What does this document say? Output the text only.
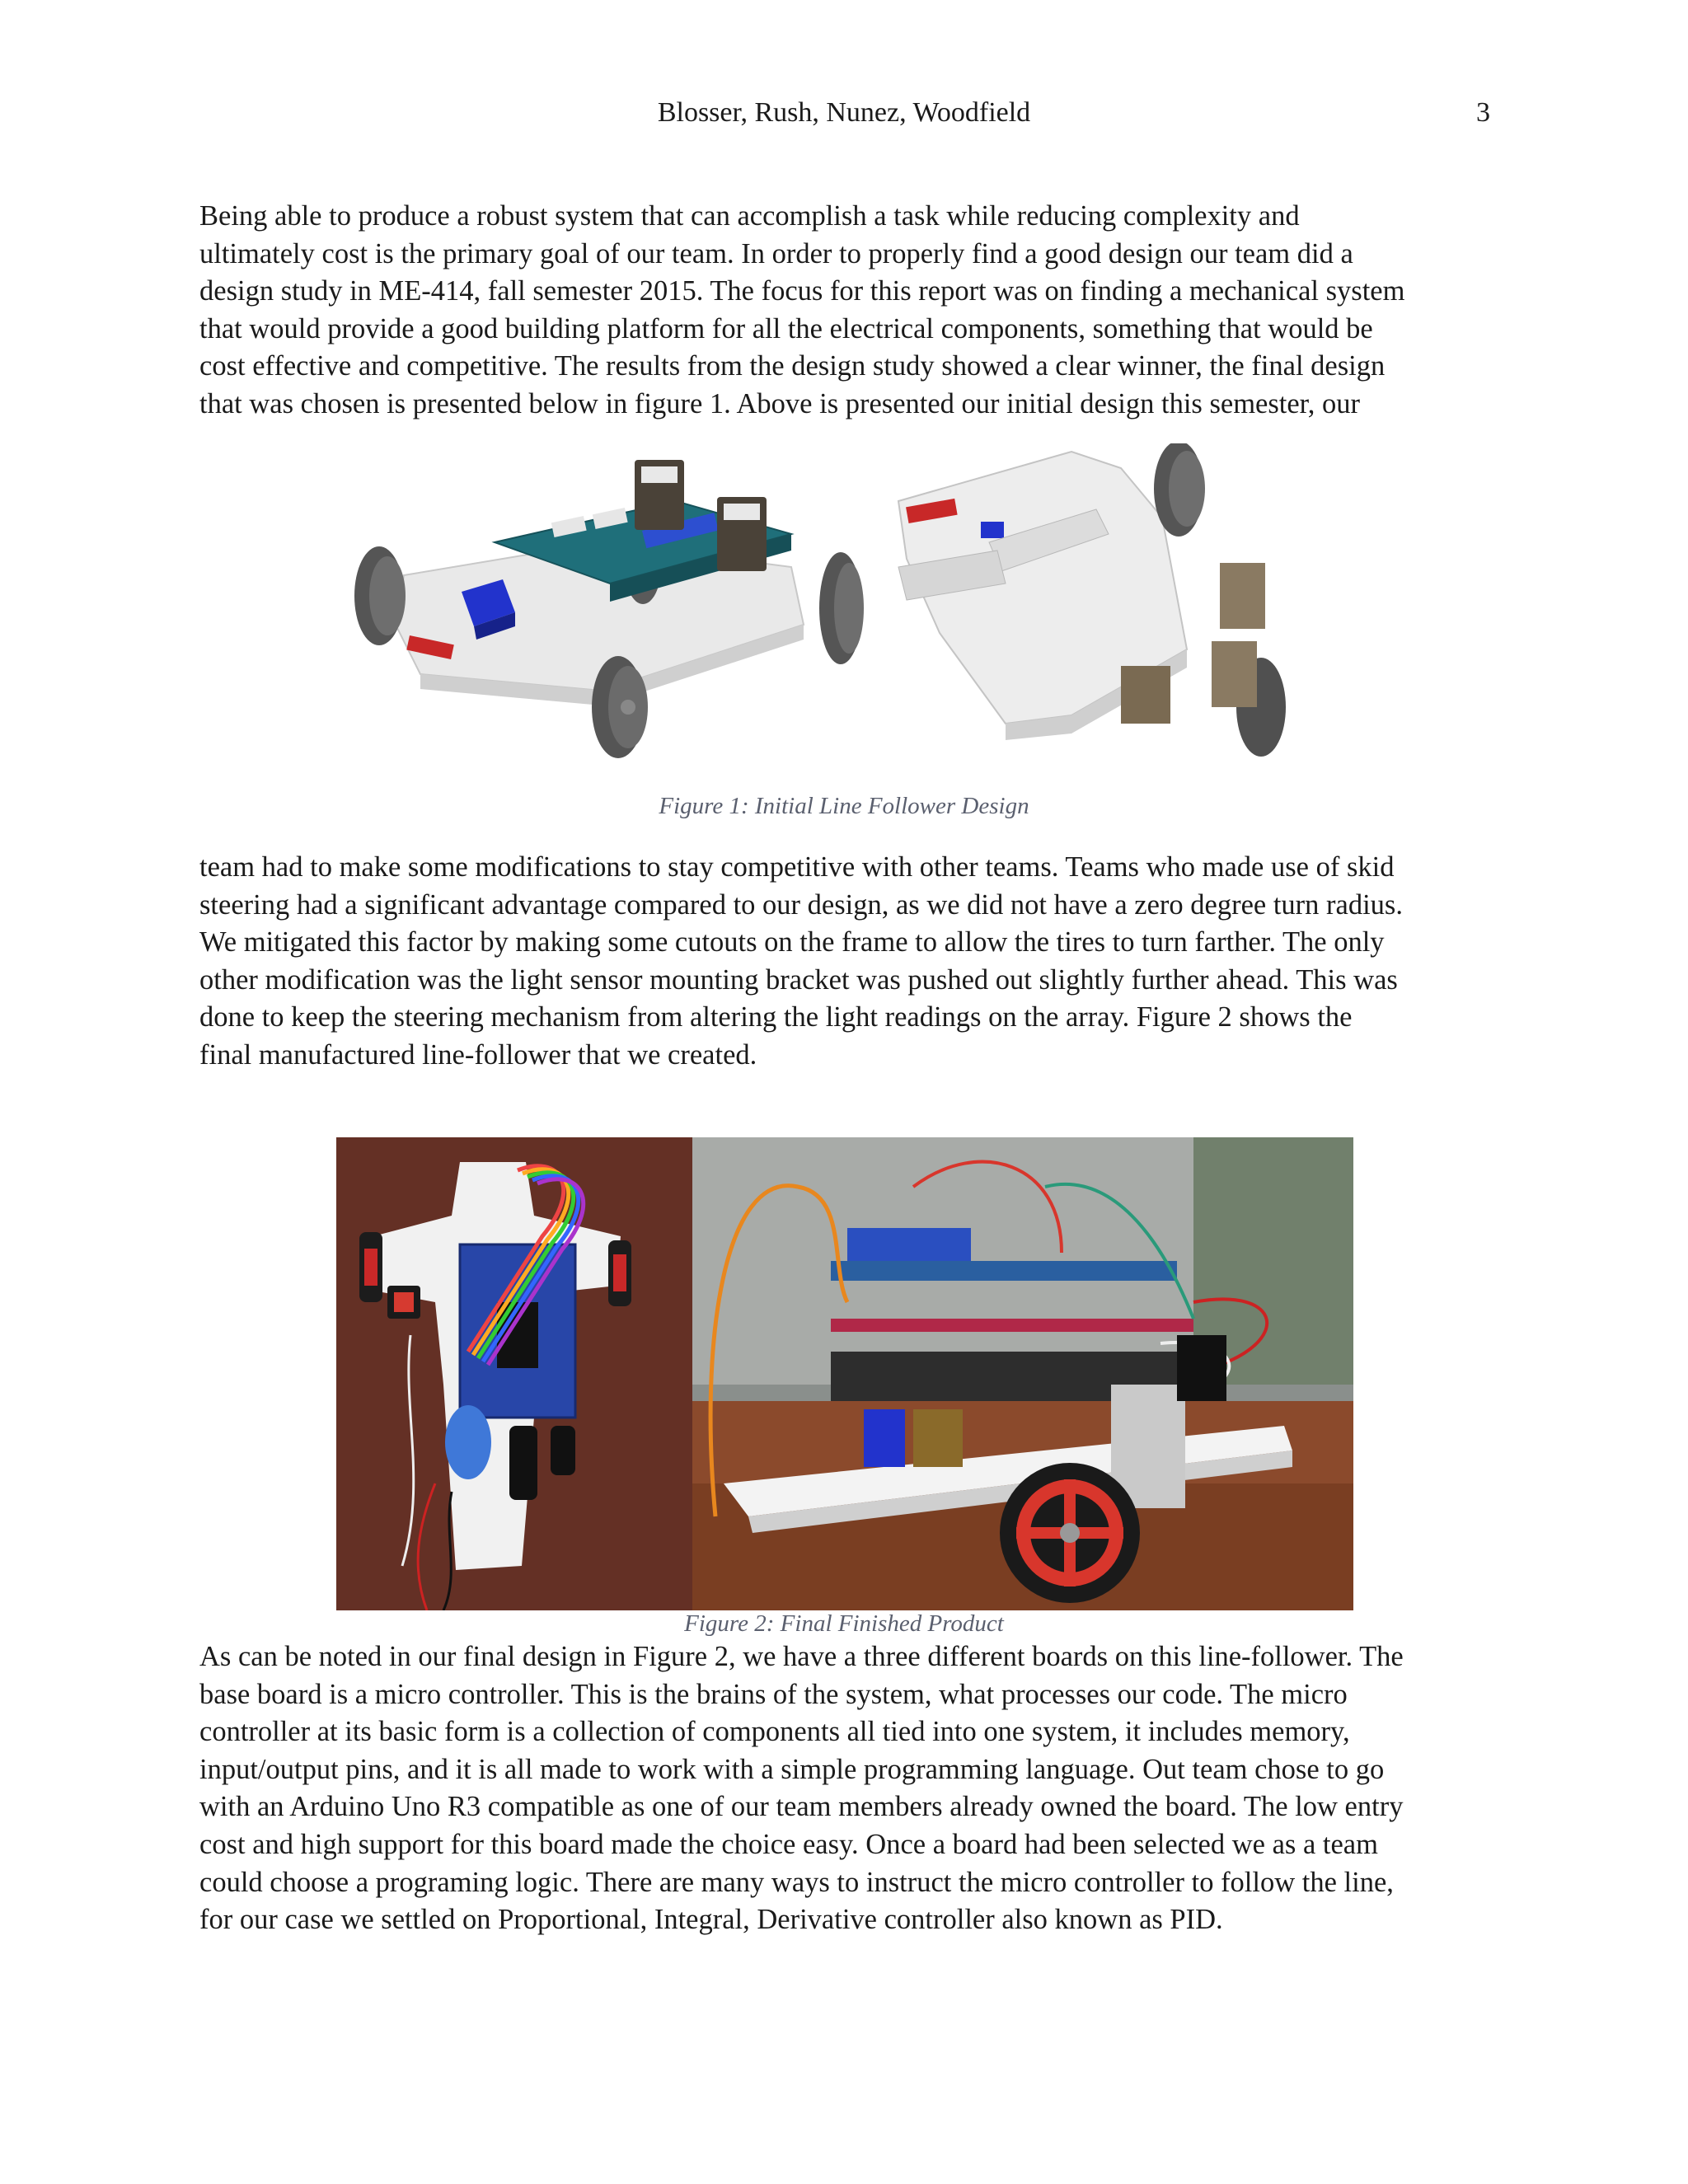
Blosser, Rush, Nunez, Woodfield	3

Being able to produce a robust system that can accomplish a task while reducing complexity and
ultimately cost is the primary goal of our team. In order to properly find a good design our team did a
design study in ME-414, fall semester 2015. The focus for this report was on finding a mechanical system
that would provide a good building platform for all the electrical components, something that would be
cost effective and competitive. The results from the design study showed a clear winner, the final design
that was chosen is presented below in figure 1. Above is presented our initial design this semester, our

Figure 1: Initial Line Follower Design

team had to make some modifications to stay competitive with other teams. Teams who made use of skid
steering had a significant advantage compared to our design, as we did not have a zero degree turn radius.
We mitigated this factor by making some cutouts on the frame to allow the tires to turn farther. The only
other modification was the light sensor mounting bracket was pushed out slightly further ahead. This was
done to keep the steering mechanism from altering the light readings on the array. Figure 2 shows the
final manufactured line-follower that we created.

Figure 2: Final Finished Product

As can be noted in our final design in Figure 2, we have a three different boards on this line-follower. The
base board is a micro controller. This is the brains of the system, what processes our code. The micro
controller at its basic form is a collection of components all tied into one system, it includes memory,
input/output pins, and it is all made to work with a simple programming language. Out team chose to go
with an Arduino Uno R3 compatible as one of our team members already owned the board. The low entry
cost and high support for this board made the choice easy. Once a board had been selected we as a team
could choose a programing logic. There are many ways to instruct the micro controller to follow the line,
for our case we settled on Proportional, Integral, Derivative controller also known as PID.
